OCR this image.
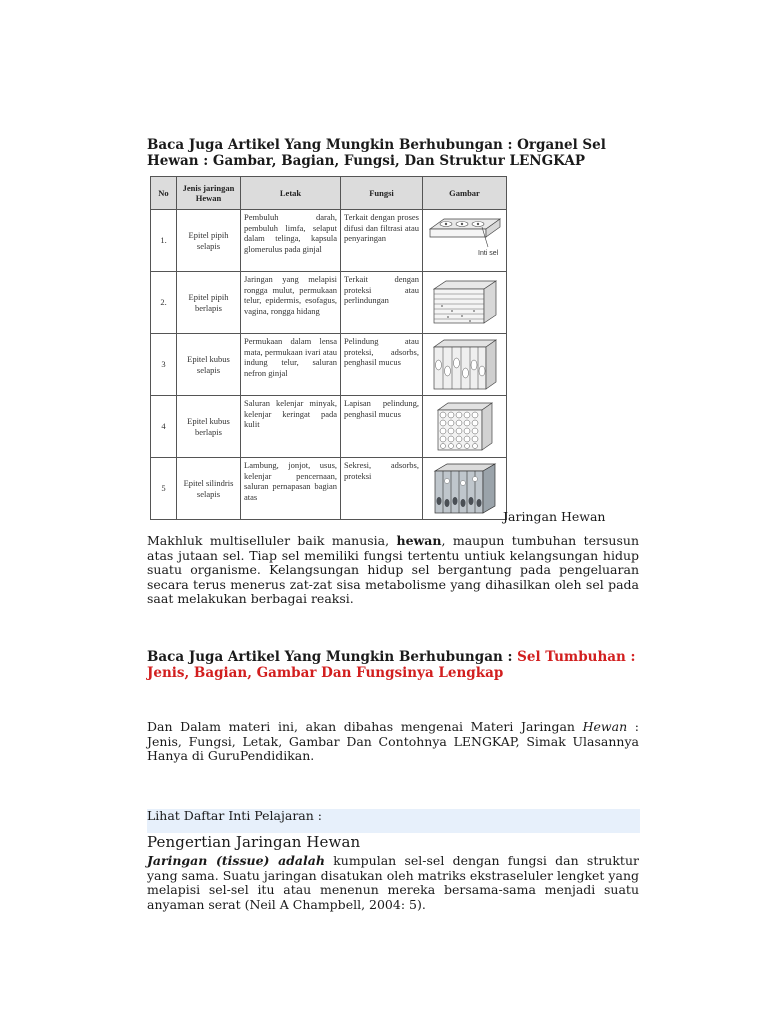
Baca Juga Artikel Yang Mungkin Berhubungan : Organel Sel Hewan : Gambar, Bagian, Fungsi, Dan Struktur LENGKAP
No	Jenis jaringan Hewan	Letak	Fungsi	Gambar
1.	Epitel pipih selapis	Pembuluh darah, pembuluh limfa, selaput dalam telinga, kapsula glomerulus pada ginjal	Terkait dengan proses difusi dan filtrasi atau penyaringan	Inti sel

2.	Epitel pipih berlapis	Jaringan yang melapisi rongga mulut, permukaan telur, epidermis, esofagus, vagina, rongga hidang	Terkait dengan proteksi atau perlindungan	

3	Epitel kubus selapis	Permukaan dalam lensa mata, permukaan ivari atau indung telur, saluran nefron ginjal	Pelindung atau proteksi, adsorbs, penghasil mucus	

4	Epitel kubus berlapis	Saluran kelenjar minyak, kelenjar keringat pada kulit	Lapisan pelindung, penghasil mucus	

5	Epitel silindris selapis	Lambung, jonjot, usus, kelenjar pencernaan, saluran pernapasan bagian atas	Sekresi, adsorbs, proteksi	
Jaringan Hewan
Makhluk multiselluler baik manusia, hewan, maupun tumbuhan tersusun atas jutaan sel. Tiap sel memiliki fungsi tertentu untiuk kelangsungan hidup suatu organisme. Kelangsungan hidup sel bergantung pada pengeluaran secara terus menerus zat-zat sisa metabolisme yang dihasilkan oleh sel pada saat melakukan berbagai reaksi.
Baca Juga Artikel Yang Mungkin Berhubungan : Sel Tumbuhan : Jenis, Bagian, Gambar Dan Fungsinya Lengkap
Dan Dalam materi ini, akan dibahas mengenai Materi Jaringan Hewan : Jenis, Fungsi, Letak, Gambar Dan Contohnya LENGKAP, Simak Ulasannya Hanya di GuruPendidikan.
Lihat Daftar Inti Pelajaran :
Pengertian Jaringan Hewan
Jaringan (tissue) adalah kumpulan sel-sel dengan fungsi dan struktur yang sama. Suatu jaringan disatukan oleh matriks ekstraseluler lengket yang melapisi sel-sel itu atau menenun mereka bersama-sama menjadi suatu anyaman serat (Neil A Champbell, 2004: 5).
